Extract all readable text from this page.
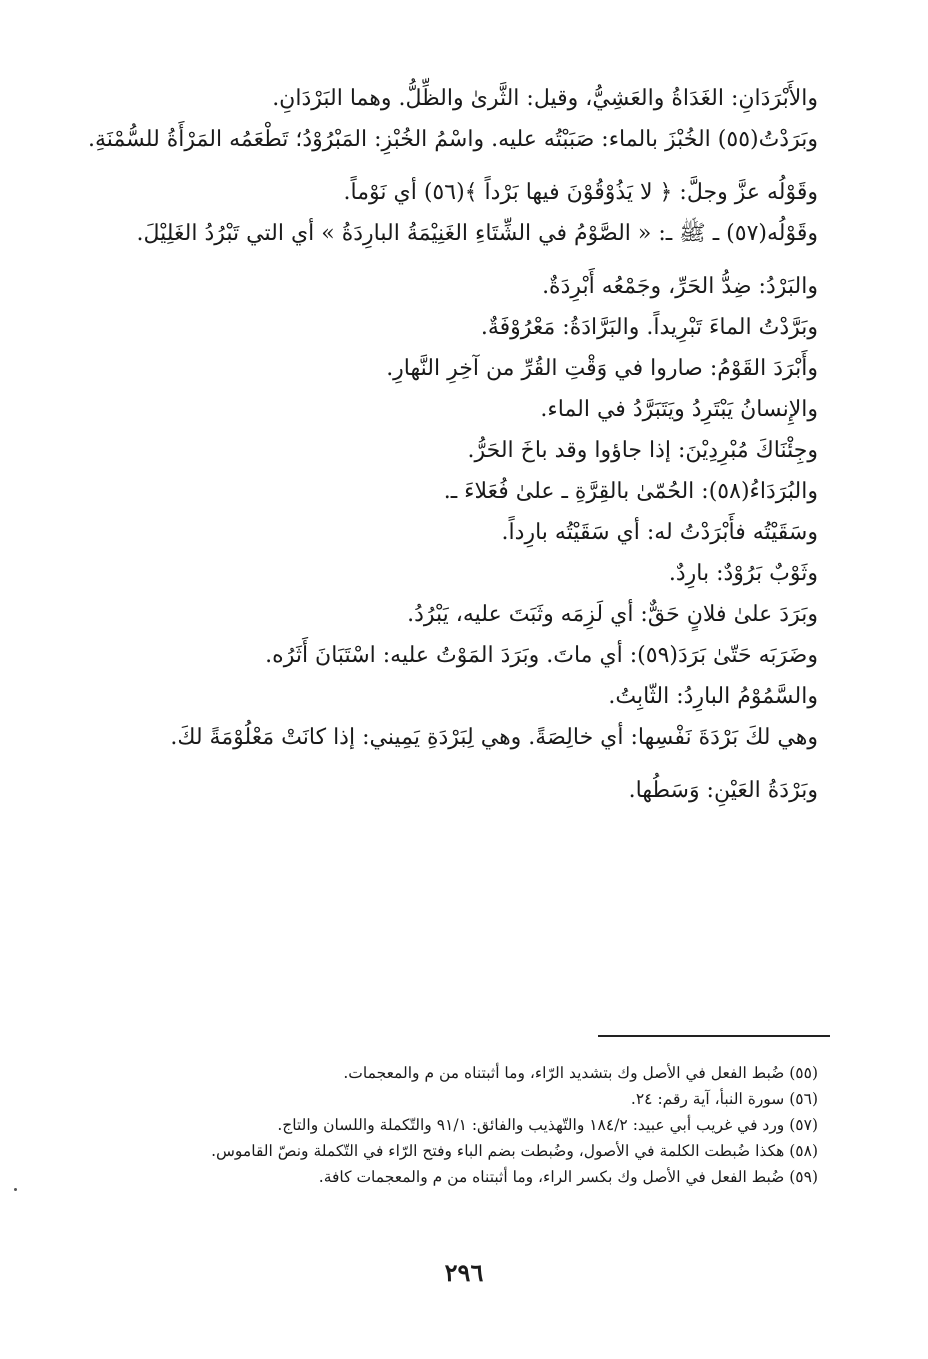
والأَبْرَدَانِ: الغَدَاةُ والعَشِيُّ، وقيل: الثَّرىٰ والظِّلُّ. وهما البَرْدَانِ.

وبَرَدْتُ(٥٥) الخُبْزَ بالماء: صَبَبْتُه عليه. واسْمُ الخُبْزِ: المَبْرُوْدُ؛ تَطْعَمُه المَرْأَةُ للسُّمْنَةِ.

وقَوْلُه عزَّ وجلَّ: ﴿ لا يَذُوْقُوْنَ فيها بَرْداً ﴾(٥٦) أي نَوْماً.

وقَوْلُه(٥٧) ـ ﷺ ـ: « الصَّوْمُ في الشِّتَاءِ الغَنِيْمَةُ البارِدَةُ » أي التي تَبْرُدُ الغَلِيْلَ.

والبَرْدُ: ضِدُّ الحَرِّ، وجَمْعُه أَبْرِدَةٌ.

وبَرَّدْتُ الماءَ تَبْرِيداً. والبَرَّادَةُ: مَعْرُوْفَةٌ.

وأَبْرَدَ القَوْمُ: صاروا في وَقْتِ القُرِّ من آخِرِ النَّهارِ.

والإِنسانُ يَبْتَرِدُ ويَتَبَرَّدُ في الماء.

وجِئْنَاكَ مُبْرِدِيْنَ: إذا جاؤوا وقد باخَ الحَرُّ.

والبُرَدَاءُ(٥٨): الحُمّىٰ بالقِرَّةِ ـ علىٰ فُعَلاءَ ـ.

وسَقَيْتُه فأَبْرَدْتُ له: أي سَقَيْتُه بارِداً.

وثَوْبٌ بَرُوْدٌ: بارِدٌ.

وبَرَدَ علىٰ فلانٍ حَقٌّ: أي لَزِمَه وثَبَتَ عليه، يَبْرُدُ.

وضَرَبَه حَتّىٰ بَرَدَ(٥٩): أي ماتَ. وبَرَدَ المَوْتُ عليه: اسْتَبَانَ أَثَرُه.

والسَّمُوْمُ البارِدُ: الثّابِتُ.

وهي لكَ بَرْدَةَ نَفْسِها: أي خالِصَةً. وهي لِبَرْدَةِ يَمِيني: إذا كانَتْ مَعْلُوْمَةً لكَ.

وبَرْدَةُ العَيْنِ: وَسَطُها.

(٥٥) ضُبط الفعل في الأصل وك بتشديد الرّاء، وما أثبتناه من م والمعجمات.

(٥٦) سورة النبأ، آية رقم: ٢٤.

(٥٧) ورد في غريب أبي عبيد: ١٨٤/٢ والتّهذيب والفائق: ٩١/١ والتّكملة واللسان والتاج.

(٥٨) هكذا ضُبطت الكلمة في الأصول، وضُبطت بضم الباء وفتح الرّاء في التّكملة ونصّ القاموس.

(٥٩) ضُبط الفعل في الأصل وك بكسر الراء، وما أثبتناه من م والمعجمات كافة.

٢٩٦
